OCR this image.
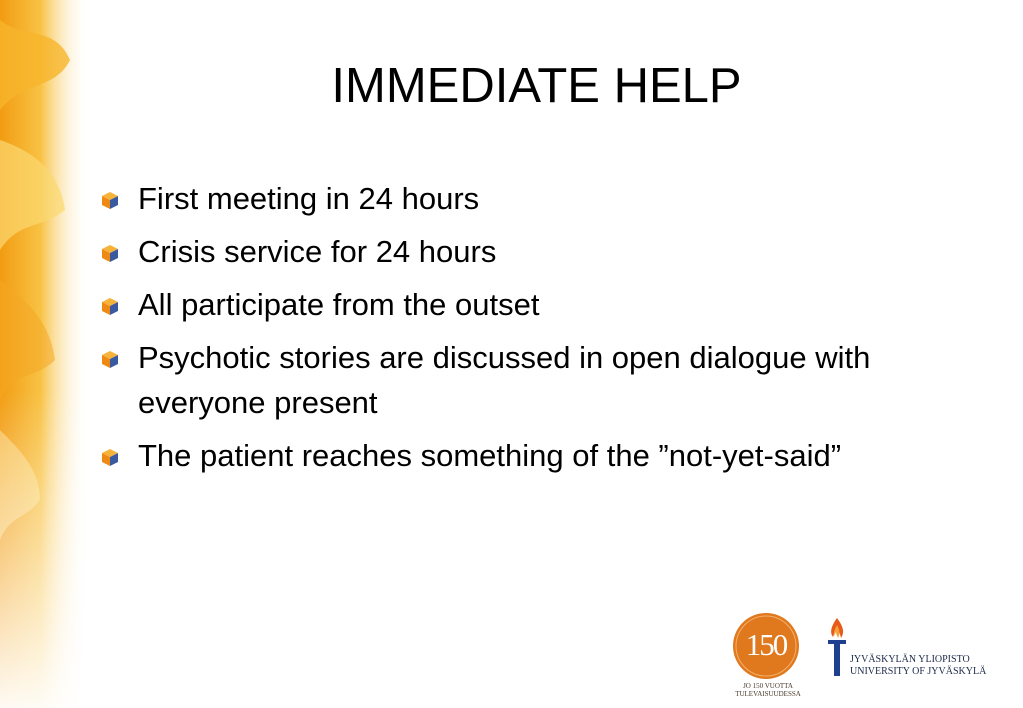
IMMEDIATE HELP
First meeting in 24 hours
Crisis service for 24 hours
All participate from the outset
Psychotic stories are discussed in open dialogue with everyone present
The patient reaches something of the ”not-yet-said”
150
JO 150 VUOTTA
TULEVAISUUDESSA
JYVÄSKYLÄN YLIOPISTO
UNIVERSITY OF JYVÄSKYLÄ
